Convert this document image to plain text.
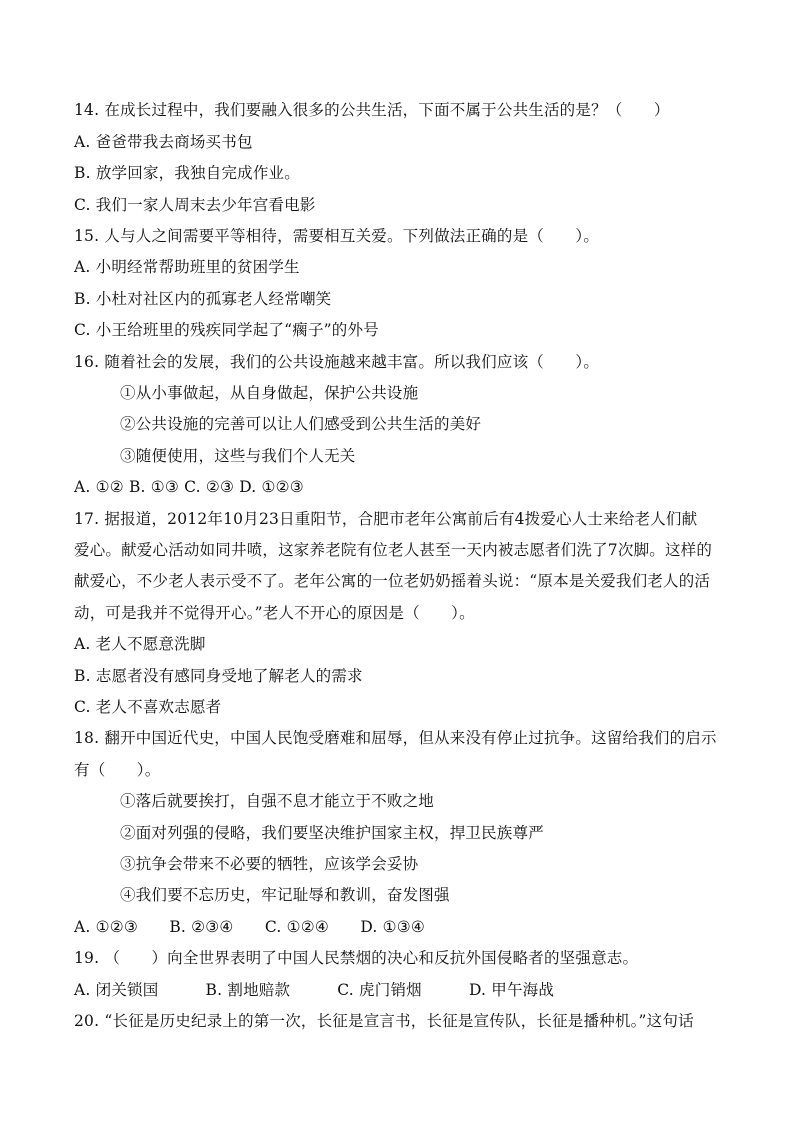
14. 在成长过程中，我们要融入很多的公共生活，下面不属于公共生活的是？（　　）
A. 爸爸带我去商场买书包
B. 放学回家，我独自完成作业。
C. 我们一家人周末去少年宫看电影
15. 人与人之间需要平等相待，需要相互关爱。下列做法正确的是（　　）。
A. 小明经常帮助班里的贫困学生
B. 小杜对社区内的孤寡老人经常嘲笑
C. 小王给班里的残疾同学起了“瘸子”的外号
16. 随着社会的发展，我们的公共设施越来越丰富。所以我们应该（　　）。
①从小事做起，从自身做起，保护公共设施
②公共设施的完善可以让人们感受到公共生活的美好
③随便使用，这些与我们个人无关
A. ①② B. ①③ C. ②③ D. ①②③
17. 据报道，2012年10月23日重阳节，合肥市老年公寓前后有4拨爱心人士来给老人们献
爱心。献爱心活动如同井喷，这家养老院有位老人甚至一天内被志愿者们洗了7次脚。这样的
献爱心，不少老人表示受不了。老年公寓的一位老奶奶摇着头说：“原本是关爱我们老人的活
动，可是我并不觉得开心。”老人不开心的原因是（　　）。
A. 老人不愿意洗脚
B. 志愿者没有感同身受地了解老人的需求
C. 老人不喜欢志愿者
18. 翻开中国近代史，中国人民饱受磨难和屈辱，但从来没有停止过抗争。这留给我们的启示
有（　　）。
①落后就要挨打，自强不息才能立于不败之地
②面对列强的侵略，我们要坚决维护国家主权，捍卫民族尊严
③抗争会带来不必要的牺牲，应该学会妥协
④我们要不忘历史，牢记耻辱和教训，奋发图强
A. ①②③　　B. ②③④　　C. ①②④　　D. ①③④
19. （　　）向全世界表明了中国人民禁烟的决心和反抗外国侵略者的坚强意志。
A. 闭关锁国　　　B. 割地赔款　　　C. 虎门销烟　　　D. 甲午海战
20. “长征是历史纪录上的第一次，长征是宣言书，长征是宣传队，长征是播种机。”这句话
